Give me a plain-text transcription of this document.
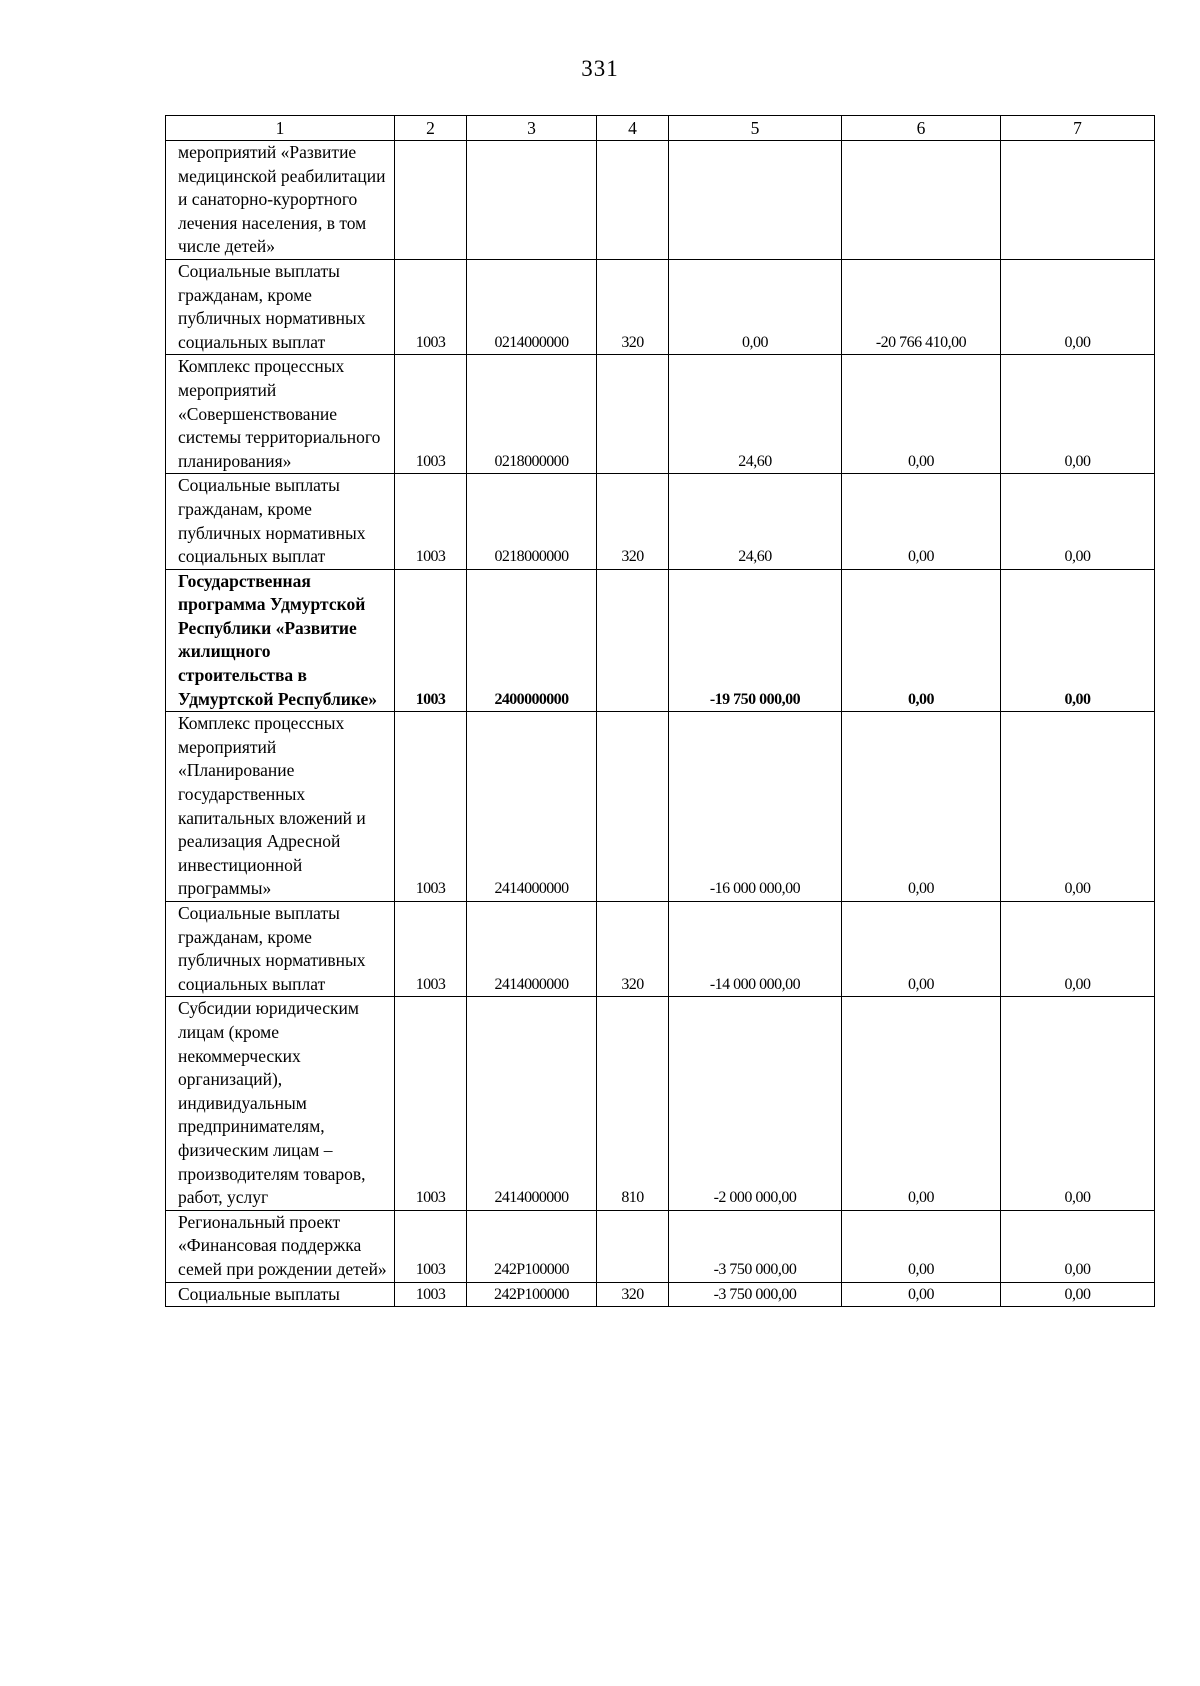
331
1	2	3	4	5	6	7
мероприятий «Развитие медицинской реабилитации и санаторно-курортного лечения населения, в том числе детей»						
Социальные выплаты гражданам, кроме публичных нормативных социальных выплат	1003	0214000000	320	0,00	-20 766 410,00	0,00
Комплекс процессных мероприятий «Совершенствование системы территориального планирования»	1003	0218000000		24,60	0,00	0,00
Социальные выплаты гражданам, кроме публичных нормативных социальных выплат	1003	0218000000	320	24,60	0,00	0,00
Государственная программа Удмуртской Республики «Развитие жилищного строительства в Удмуртской Республике»	1003	2400000000		-19 750 000,00	0,00	0,00
Комплекс процессных мероприятий «Планирование государственных капитальных вложений и реализация Адресной инвестиционной программы»	1003	2414000000		-16 000 000,00	0,00	0,00
Социальные выплаты гражданам, кроме публичных нормативных социальных выплат	1003	2414000000	320	-14 000 000,00	0,00	0,00
Субсидии юридическим лицам (кроме некоммерческих организаций), индивидуальным предпринимателям, физическим лицам – производителям товаров, работ, услуг	1003	2414000000	810	-2 000 000,00	0,00	0,00
Региональный проект «Финансовая поддержка семей при рождении детей»	1003	242P100000		-3 750 000,00	0,00	0,00
Социальные выплаты	1003	242P100000	320	-3 750 000,00	0,00	0,00
